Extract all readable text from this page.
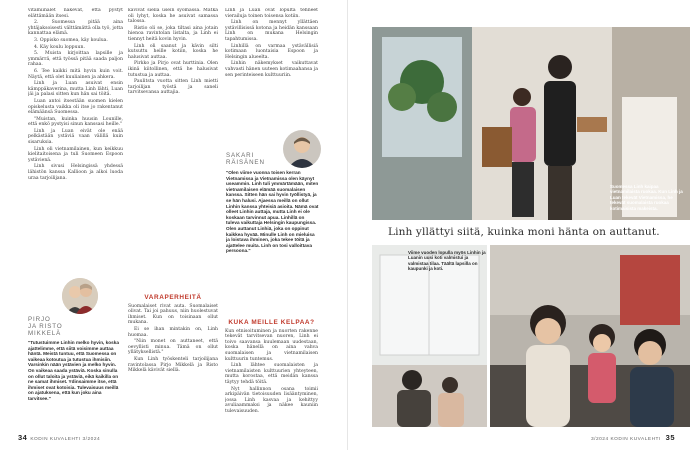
vitamiinalet näkevät, että pystyt elättämään itsesi.

2. Suomessa pitää aina yhtäjaksoisesti välttämättä olla työ, jotta kannattaa elämä.

3. Oppisko suomea, käy koulua.

4. Käy koulu loppuun.

5. Muista kirjoittaa lapsille ja ymmärrä, että työssä pitää saada paljon rahaa.

6. Tee kaikki mitä hyvin kuin voit. Näytä, että olet kuuliainen ja ahkera.

Linh ja Luan asuivat ensin kämppäkaverina, mutta Linh lähti, Luan jäi ja palasi sitten kun hän sai töitä.

Luan antoi itsestään suomen kielen opiskelusta vaikka oli itse jo rakentanut elämäänsä Suomessa.

"Muistan, kuinka huusin Lounille, että enkö pystyisi sinun kanssasi heille."

Linh ja Luan eivät ole enää pelkästään ystäviä vaan välillä kuin sisaruksia.

Linh oli vietnamilainen, kun keikkuu kielitaitoisena ja tuli Suomeen Espoon ystävienä.

Linh sivusi Helsingissä yhdessä lähistön kanssa Kallioon ja alkoi luoda uraa tarjoilijana.

kävivät siellä usein syömässä. Matka oli lyhyt, koska he asuivat samassa talossa.

Ristio oli se, joka tiltasi aina jotain hienoa ravintolan listalta, ja Linh ei tiennyt heitä kovin hyvin.

Linh oli saanut ja kävin silti kutsuttu heille kotiin, koska he halusivat auttaa.

Pirkko ja Pirjo ovat hurttinia. Olen ikinä kiitollinen, että he halusivat tutustua ja auttaa.

Paulitsta vuotta sitten Linh mietti tarjoilijan työstä ja saneli tarvitsevansa auttajia.

VARAPERHEITÄ

Suomalaiset rivat auta. Suomalaiset olivat. Tai joi pahuus, niin huolestuvat ihmiset. Kun on toisinaan ollut mukana.

Ei se ihan mintakin on, Linh huomaa.

"Niin monet on auttaneet, että oevyllisti minua. Tämä on ollut yllätyksellistä."

Kun Linh työskenteli tarjoilijana ravintolassa Pirjo Mikkelä ja Risto Mikkelä kävivät siellä.

Linh ja Luan ovat lopulta tehneet vierailuja toinen toisensa kotiin.

Linh on mennyt yllättäen ystävillisissä kotona ja heidän kanssaan Linh on mukana Helsingin tapahtumissa.

Linhillä on varmaa ystävällisiä kotimaan luontaisia Espoon ja Helsingin alueelta.

Linhin näkemykset vaikuttavat vahvasti hänen uuteen kotimaahansa ja sen perinteiseen kulttuuriin.

KUKA MEILLE KELPAA?

Kun etnisoituminen ja nuorten rakenne tekevät tarvitsevan nuoren, Linh ei toivo saavansa kuulemaan uudestaan, koska hänellä on aina vahva suomalaisen ja vietnamilaisen kulttuurin tuntemus.

Linh lähtee suomalaisten ja vietnamilaisten kulttuurien yhteyteen, mutta korostaa, että meidän kanssa täytyy tehdä töitä.

Nyt hallinnon osana toimii arkipäivän tietoisuuden lisääntyminen, jossa Linh kasvaa ja kehittyy avuliaammaksi ja näkee kauniin tulevaisuuden.

PIRJO
JA RISTO
MIKKELÄ
"Tutustuimme Linhin melko hyvin, koska ajattelimme, että siitä voisimme auttaa häntä. Meistä tuntuu, että Suomessa on vaikeaa kotoutua ja tutustua ihmisiin. Varsinkin nään ystävien ja melko hyvin. On vaikeaa saada ystäviä. Koska sinulla on ollut taloita ja ystäviä, eikä kaikilla on ne samat ihmiset. Ydinsaimme itse, että ihmiset ovat kotoisia. Tulevaisuus meillä on ajatuksena, että kun joku aina tarvitsee."
SAKARI
RÄISÄNEN
"Olen viime vuonna toisen kerran Vietnamissa ja Vietnamissa olen käynyt useammin. Linh tuli ymmärtämään, miten vietnamilaisen elämää suomalaisen kanssa. Sitten hän sai hyvin työllistyä, ja se hän halusi. Ajaessa meillä on ollut Linhin kanssa yhteisiä asioita. Nämä ovat olleet Linhin auttaja, mutta Linh ei ole koskaan tarvinnut apua. Linhillä on tuleva vaikuttaja Helsingin kaupungissa. Olen auttanut Linhiä, joka on oppinut kaikkea hyvää. Minulle Linh on mieluisa ja loistava ihminen, joka tekee töitä ja ajattelee muita. Linh on tosi valloittava persoona."
34 KODIN KUVALEHTI 3/2024
Suomessa Linh kaipaa vietnamilaista ruokaa. Kun Linh ja Luan tekevät Vietnamissa, he tekevät suomalaista ruokaa kotimaisista makeista.
Linh yllättyi siitä, kuinka moni hänta on auttanut.
Viime vuoden lopulla myös Linhin ja Luanin uusi koti valmistui ja valmistaa tilaa. Täältä lapsilla on kaupunki ja koti.
3/2024 KODIN KUVALEHTI 35
